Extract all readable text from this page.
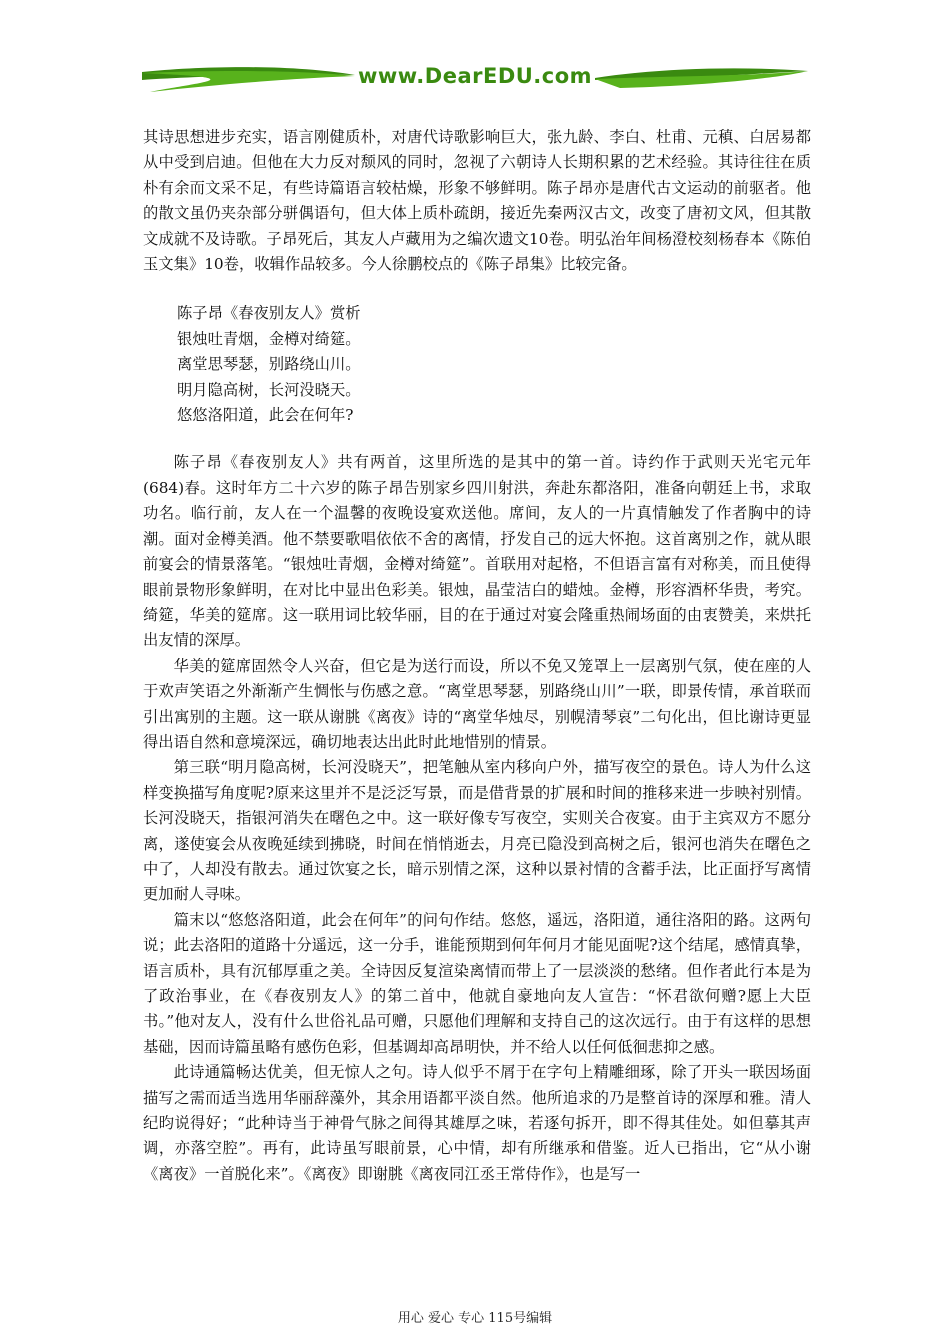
www.DearEDU.com

其诗思想进步充实，语言刚健质朴，对唐代诗歌影响巨大，张九龄、李白、杜甫、元稹、白居易都从中受到启迪。但他在大力反对颓风的同时，忽视了六朝诗人长期积累的艺术经验。其诗往往在质朴有余而文采不足，有些诗篇语言较枯燥，形象不够鲜明。陈子昂亦是唐代古文运动的前驱者。他的散文虽仍夹杂部分骈偶语句，但大体上质朴疏朗，接近先秦两汉古文，改变了唐初文风，但其散文成就不及诗歌。子昂死后，其友人卢藏用为之编次遗文10卷。明弘治年间杨澄校刻杨春本《陈伯玉文集》10卷，收辑作品较多。今人徐鹏校点的《陈子昂集》比较完备。

陈子昂《春夜别友人》赏析
银烛吐青烟，金樽对绮筵。
离堂思琴瑟，别路绕山川。
明月隐高树，长河没晓天。
悠悠洛阳道，此会在何年?

陈子昂《春夜别友人》共有两首，这里所选的是其中的第一首。诗约作于武则天光宅元年(684)春。这时年方二十六岁的陈子昂告别家乡四川射洪，奔赴东都洛阳，准备向朝廷上书，求取功名。临行前，友人在一个温馨的夜晚设宴欢送他。席间，友人的一片真情触发了作者胸中的诗潮。面对金樽美酒。他不禁要歌唱依依不舍的离情，抒发自己的远大怀抱。这首离别之作，就从眼前宴会的情景落笔。“银烛吐青烟，金樽对绮筵”。首联用对起格，不但语言富有对称美，而且使得眼前景物形象鲜明，在对比中显出色彩美。银烛，晶莹洁白的蜡烛。金樽，形容酒杯华贵，考究。绮筵，华美的筵席。这一联用词比较华丽，目的在于通过对宴会隆重热闹场面的由衷赞美，来烘托出友情的深厚。

华美的筵席固然令人兴奋，但它是为送行而设，所以不免又笼罩上一层离别气氛，使在座的人于欢声笑语之外渐渐产生惆怅与伤感之意。“离堂思琴瑟，别路绕山川”一联，即景传情，承首联而引出寓别的主题。这一联从谢朓《离夜》诗的“离堂华烛尽，别幌清琴哀”二句化出，但比谢诗更显得出语自然和意境深远，确切地表达出此时此地惜别的情景。

第三联“明月隐高树，长河没晓天”，把笔触从室内移向户外，描写夜空的景色。诗人为什么这样变换描写角度呢?原来这里并不是泛泛写景，而是借背景的扩展和时间的推移来进一步映衬别情。长河没晓天，指银河消失在曙色之中。这一联好像专写夜空，实则关合夜宴。由于主宾双方不愿分离，遂使宴会从夜晚延续到拂晓，时间在悄悄逝去，月亮已隐没到高树之后，银河也消失在曙色之中了，人却没有散去。通过饮宴之长，暗示别情之深，这种以景衬情的含蓄手法，比正面抒写离情更加耐人寻味。

篇末以“悠悠洛阳道，此会在何年”的问句作结。悠悠，遥远，洛阳道，通往洛阳的路。这两句说；此去洛阳的道路十分遥远，这一分手，谁能预期到何年何月才能见面呢?这个结尾，感情真挚，语言质朴，具有沉郁厚重之美。全诗因反复渲染离情而带上了一层淡淡的愁绪。但作者此行本是为了政治事业，在《春夜别友人》的第二首中，他就自豪地向友人宣告：“怀君欲何赠?愿上大臣书。”他对友人，没有什么世俗礼品可赠，只愿他们理解和支持自己的这次远行。由于有这样的思想基础，因而诗篇虽略有感伤色彩，但基调却高昂明快，并不给人以任何低徊悲抑之感。

此诗通篇畅达优美，但无惊人之句。诗人似乎不屑于在字句上精雕细琢，除了开头一联因场面描写之需而适当选用华丽辞藻外，其余用语都平淡自然。他所追求的乃是整首诗的深厚和雅。清人纪昀说得好；“此种诗当于神骨气脉之间得其雄厚之味，若逐句拆开，即不得其佳处。如但摹其声调，亦落空腔”。再有，此诗虽写眼前景，心中情，却有所继承和借鉴。近人已指出，它“从小谢《离夜》一首脱化来”。《离夜》即谢朓《离夜同江丞王常侍作》，也是写一

用心 爱心 专心 115号编辑
